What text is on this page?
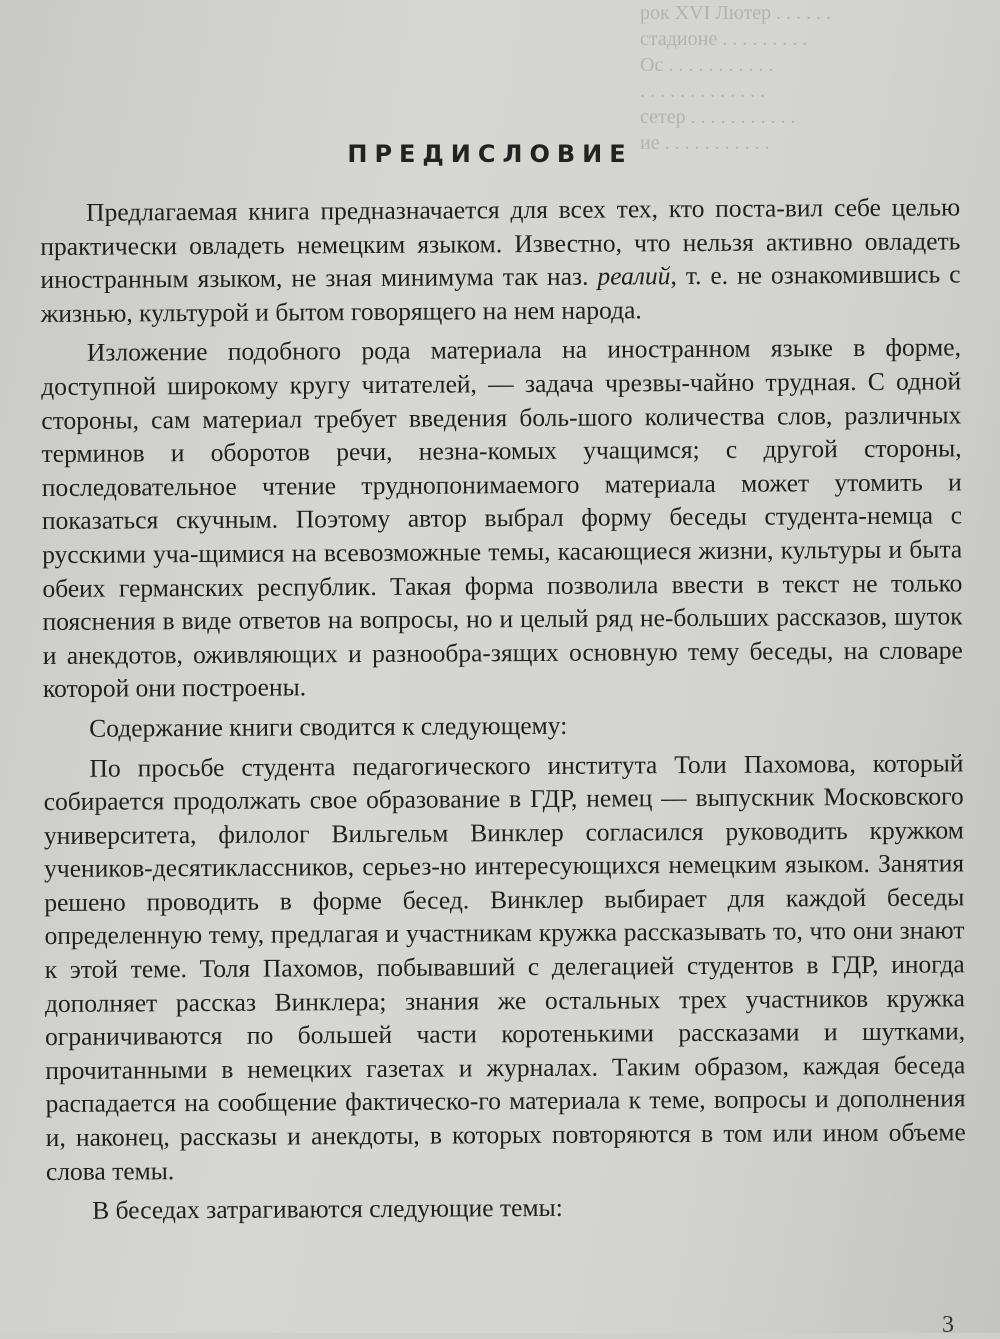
рок XVI Лютер . . . . . .
стадионе . . . . . . . . .
Ос . . . . . . . . . . .
. . . . . . . . . . . . .
сетер . . . . . . . . . . .
ие . . . . . . . . . . .
ПРЕДИСЛОВИЕ

Предлагаемая книга предназначается для всех тех, кто поста-вил себе целью практически овладеть немецким языком. Известно, что нельзя активно овладеть иностранным языком, не зная минимума так наз. реалий, т. е. не ознакомившись с жизнью, культурой и бытом говорящего на нем народа.

Изложение подобного рода материала на иностранном языке в форме, доступной широкому кругу читателей, — задача чрезвы-чайно трудная. С одной стороны, сам материал требует введения боль-шого количества слов, различных терминов и оборотов речи, незна-комых учащимся; с другой стороны, последовательное чтение труднопонимаемого материала может утомить и показаться скучным. Поэтому автор выбрал форму беседы студента-немца с русскими уча-щимися на всевозможные темы, касающиеся жизни, культуры и быта обеих германских республик. Такая форма позволила ввести в текст не только пояснения в виде ответов на вопросы, но и целый ряд не-больших рассказов, шуток и анекдотов, оживляющих и разнообра-зящих основную тему беседы, на словаре которой они построены.

Содержание книги сводится к следующему:

По просьбе студента педагогического института Толи Пахомова, который собирается продолжать свое образование в ГДР, немец — выпускник Московского университета, филолог Вильгельм Винклер согласился руководить кружком учеников-десятиклассников, серьез-но интересующихся немецким языком. Занятия решено проводить в форме бесед. Винклер выбирает для каждой беседы определенную тему, предлагая и участникам кружка рассказывать то, что они знают к этой теме. Толя Пахомов, побывавший с делегацией студентов в ГДР, иногда дополняет рассказ Винклера; знания же остальных трех участников кружка ограничиваются по большей части коротенькими рассказами и шутками, прочитанными в немецких газетах и журналах. Таким образом, каждая беседа распадается на сообщение фактическо-го материала к теме, вопросы и дополнения и, наконец, рассказы и анекдоты, в которых повторяются в том или ином объеме слова темы.

В беседах затрагиваются следующие темы:

3
